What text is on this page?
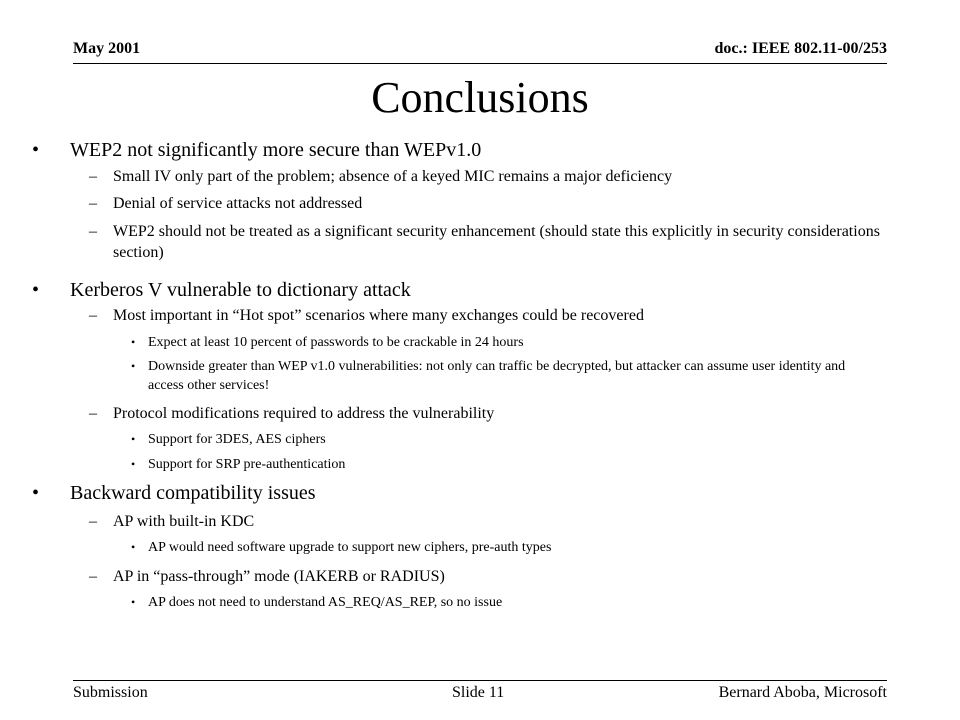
May 2001	doc.: IEEE 802.11-00/253
Conclusions
• WEP2 not significantly more secure than WEPv1.0
– Small IV only part of the problem; absence of a keyed MIC remains a major deficiency
– Denial of service attacks not addressed
– WEP2 should not be treated as a significant security enhancement (should state this explicitly in security considerations section)
• Kerberos V vulnerable to dictionary attack
– Most important in “Hot spot” scenarios where many exchanges could be recovered
• Expect at least 10 percent of passwords to be crackable in 24 hours
• Downside greater than WEP v1.0 vulnerabilities: not only can traffic be decrypted, but attacker can assume user identity and access other services!
– Protocol modifications required to address the vulnerability
• Support for 3DES, AES ciphers
• Support for SRP pre-authentication
• Backward compatibility issues
– AP with built-in KDC
• AP would need software upgrade to support new ciphers, pre-auth types
– AP in “pass-through” mode (IAKERB or RADIUS)
• AP does not need to understand AS_REQ/AS_REP, so no issue
Submission	Slide 11	Bernard Aboba, Microsoft
